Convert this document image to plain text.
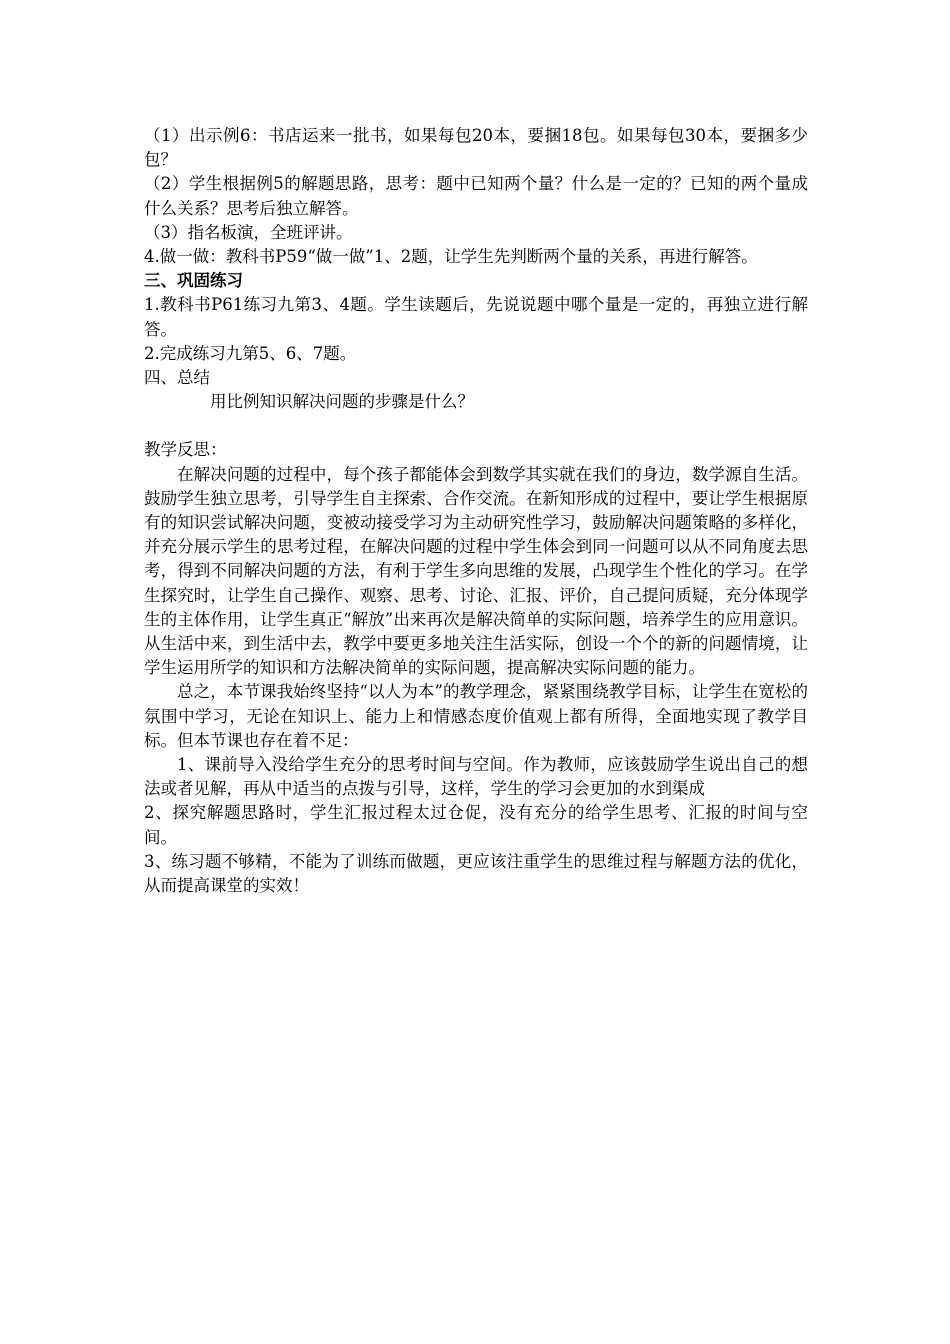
（1）出示例6：书店运来一批书，如果每包20本，要捆18包。如果每包30本，要捆多少包？

（2）学生根据例5的解题思路，思考：题中已知两个量？什么是一定的？已知的两个量成什么关系？思考后独立解答。

（3）指名板演，全班评讲。

4.做一做：教科书P59“做一做”1、2题，让学生先判断两个量的关系，再进行解答。

三、巩固练习

1.教科书P61练习九第3、4题。学生读题后，先说说题中哪个量是一定的，再独立进行解答。

2.完成练习九第5、6、7题。

四、总结

用比例知识解决问题的步骤是什么？

教学反思：

在解决问题的过程中，每个孩子都能体会到数学其实就在我们的身边，数学源自生活。鼓励学生独立思考，引导学生自主探索、合作交流。在新知形成的过程中，要让学生根据原有的知识尝试解决问题，变被动接受学习为主动研究性学习，鼓励解决问题策略的多样化，并充分展示学生的思考过程，在解决问题的过程中学生体会到同一问题可以从不同角度去思考，得到不同解决问题的方法，有利于学生多向思维的发展，凸现学生个性化的学习。在学生探究时，让学生自己操作、观察、思考、讨论、汇报、评价，自己提问质疑，充分体现学生的主体作用，让学生真正“解放”出来再次是解决简单的实际问题，培养学生的应用意识。从生活中来，到生活中去，教学中要更多地关注生活实际，创设一个个的新的问题情境，让学生运用所学的知识和方法解决简单的实际问题，提高解决实际问题的能力。

总之，本节课我始终坚持“以人为本”的教学理念，紧紧围绕教学目标，让学生在宽松的氛围中学习，无论在知识上、能力上和情感态度价值观上都有所得，全面地实现了教学目标。但本节课也存在着不足：

1、课前导入没给学生充分的思考时间与空间。作为教师，应该鼓励学生说出自己的想法或者见解，再从中适当的点拨与引导，这样，学生的学习会更加的水到渠成

2、探究解题思路时，学生汇报过程太过仓促，没有充分的给学生思考、汇报的时间与空间。

3、练习题不够精，不能为了训练而做题，更应该注重学生的思维过程与解题方法的优化，从而提高课堂的实效！
